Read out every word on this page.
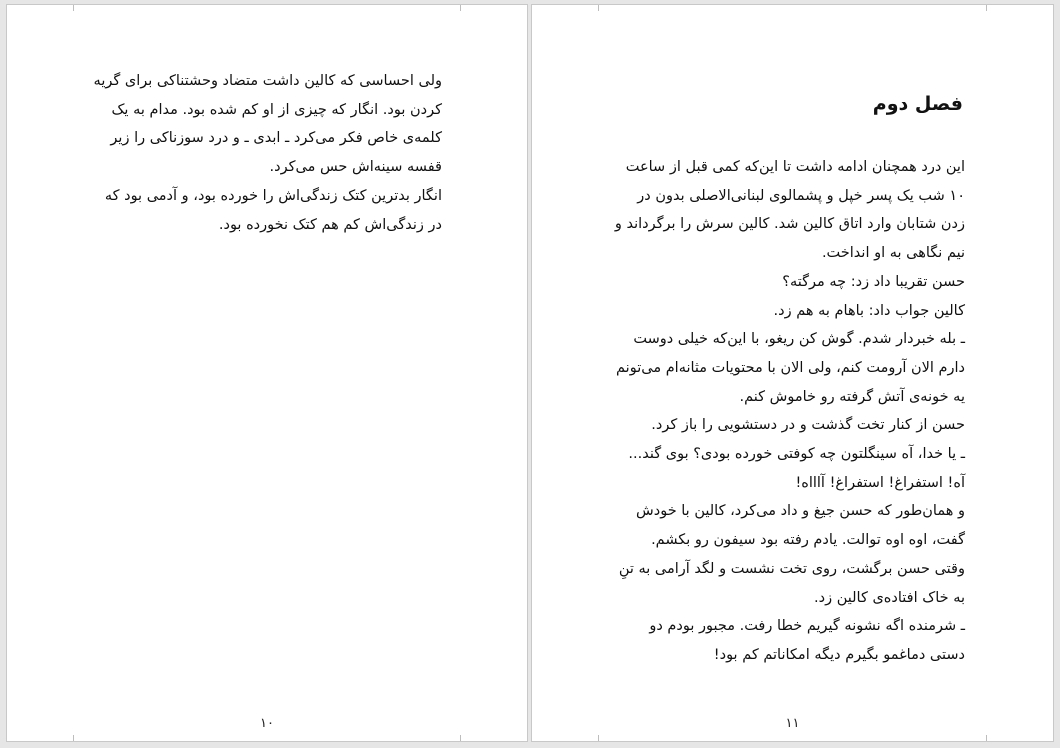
ولی احساسی که کالین داشت متضاد وحشتناکی برای گریه کردن بود. انگار که چیزی از او کم شده بود. مدام به یک کلمه‌ی خاص فکر می‌کرد ـ ابدی ـ و درد سوزناکی را زیر قفسه سینه‌اش حس می‌کرد.

انگار بدترین کتک زندگی‌اش را خورده بود، و آدمی بود که در زندگی‌اش کم هم کتک نخورده بود.

۱۰
فصل دوم

این درد همچنان ادامه داشت تا این‌که کمی قبل از ساعت ۱۰ شب یک پسر خپل و پشمالوی لبنانی‌الاصلی بدون در زدن شتابان وارد اتاق کالین شد. کالین سرش را برگرداند و نیم نگاهی به او انداخت.

حسن تقریبا داد زد: چه مرگته؟

کالین جواب داد: باهام به هم زد.

ـ بله خبردار شدم. گوش کن ریغو، با این‌که خیلی دوست دارم الان آرومت کنم، ولی الان با محتویات مثانه‌ام می‌تونم یه خونه‌ی آتش گرفته رو خاموش کنم.

حسن از کنار تخت گذشت و در دستشویی را باز کرد.

ـ یا خدا، آه سینگلتون چه کوفتی خورده بودی؟ بوی گند... آه! استفراغ! استفراغ! آاااه!

و همان‌طور که حسن جیغ و داد می‌کرد، کالین با خودش گفت، اوه اوه توالت. یادم رفته بود سیفون رو بکشم.

وقتی حسن برگشت، روی تخت نشست و لگد آرامی به تنِ به خاک افتاده‌ی کالین زد.

ـ شرمنده اگه نشونه گیریم خطا رفت. مجبور بودم دو دستی دماغمو بگیرم دیگه امکاناتم کم بود!

۱۱
